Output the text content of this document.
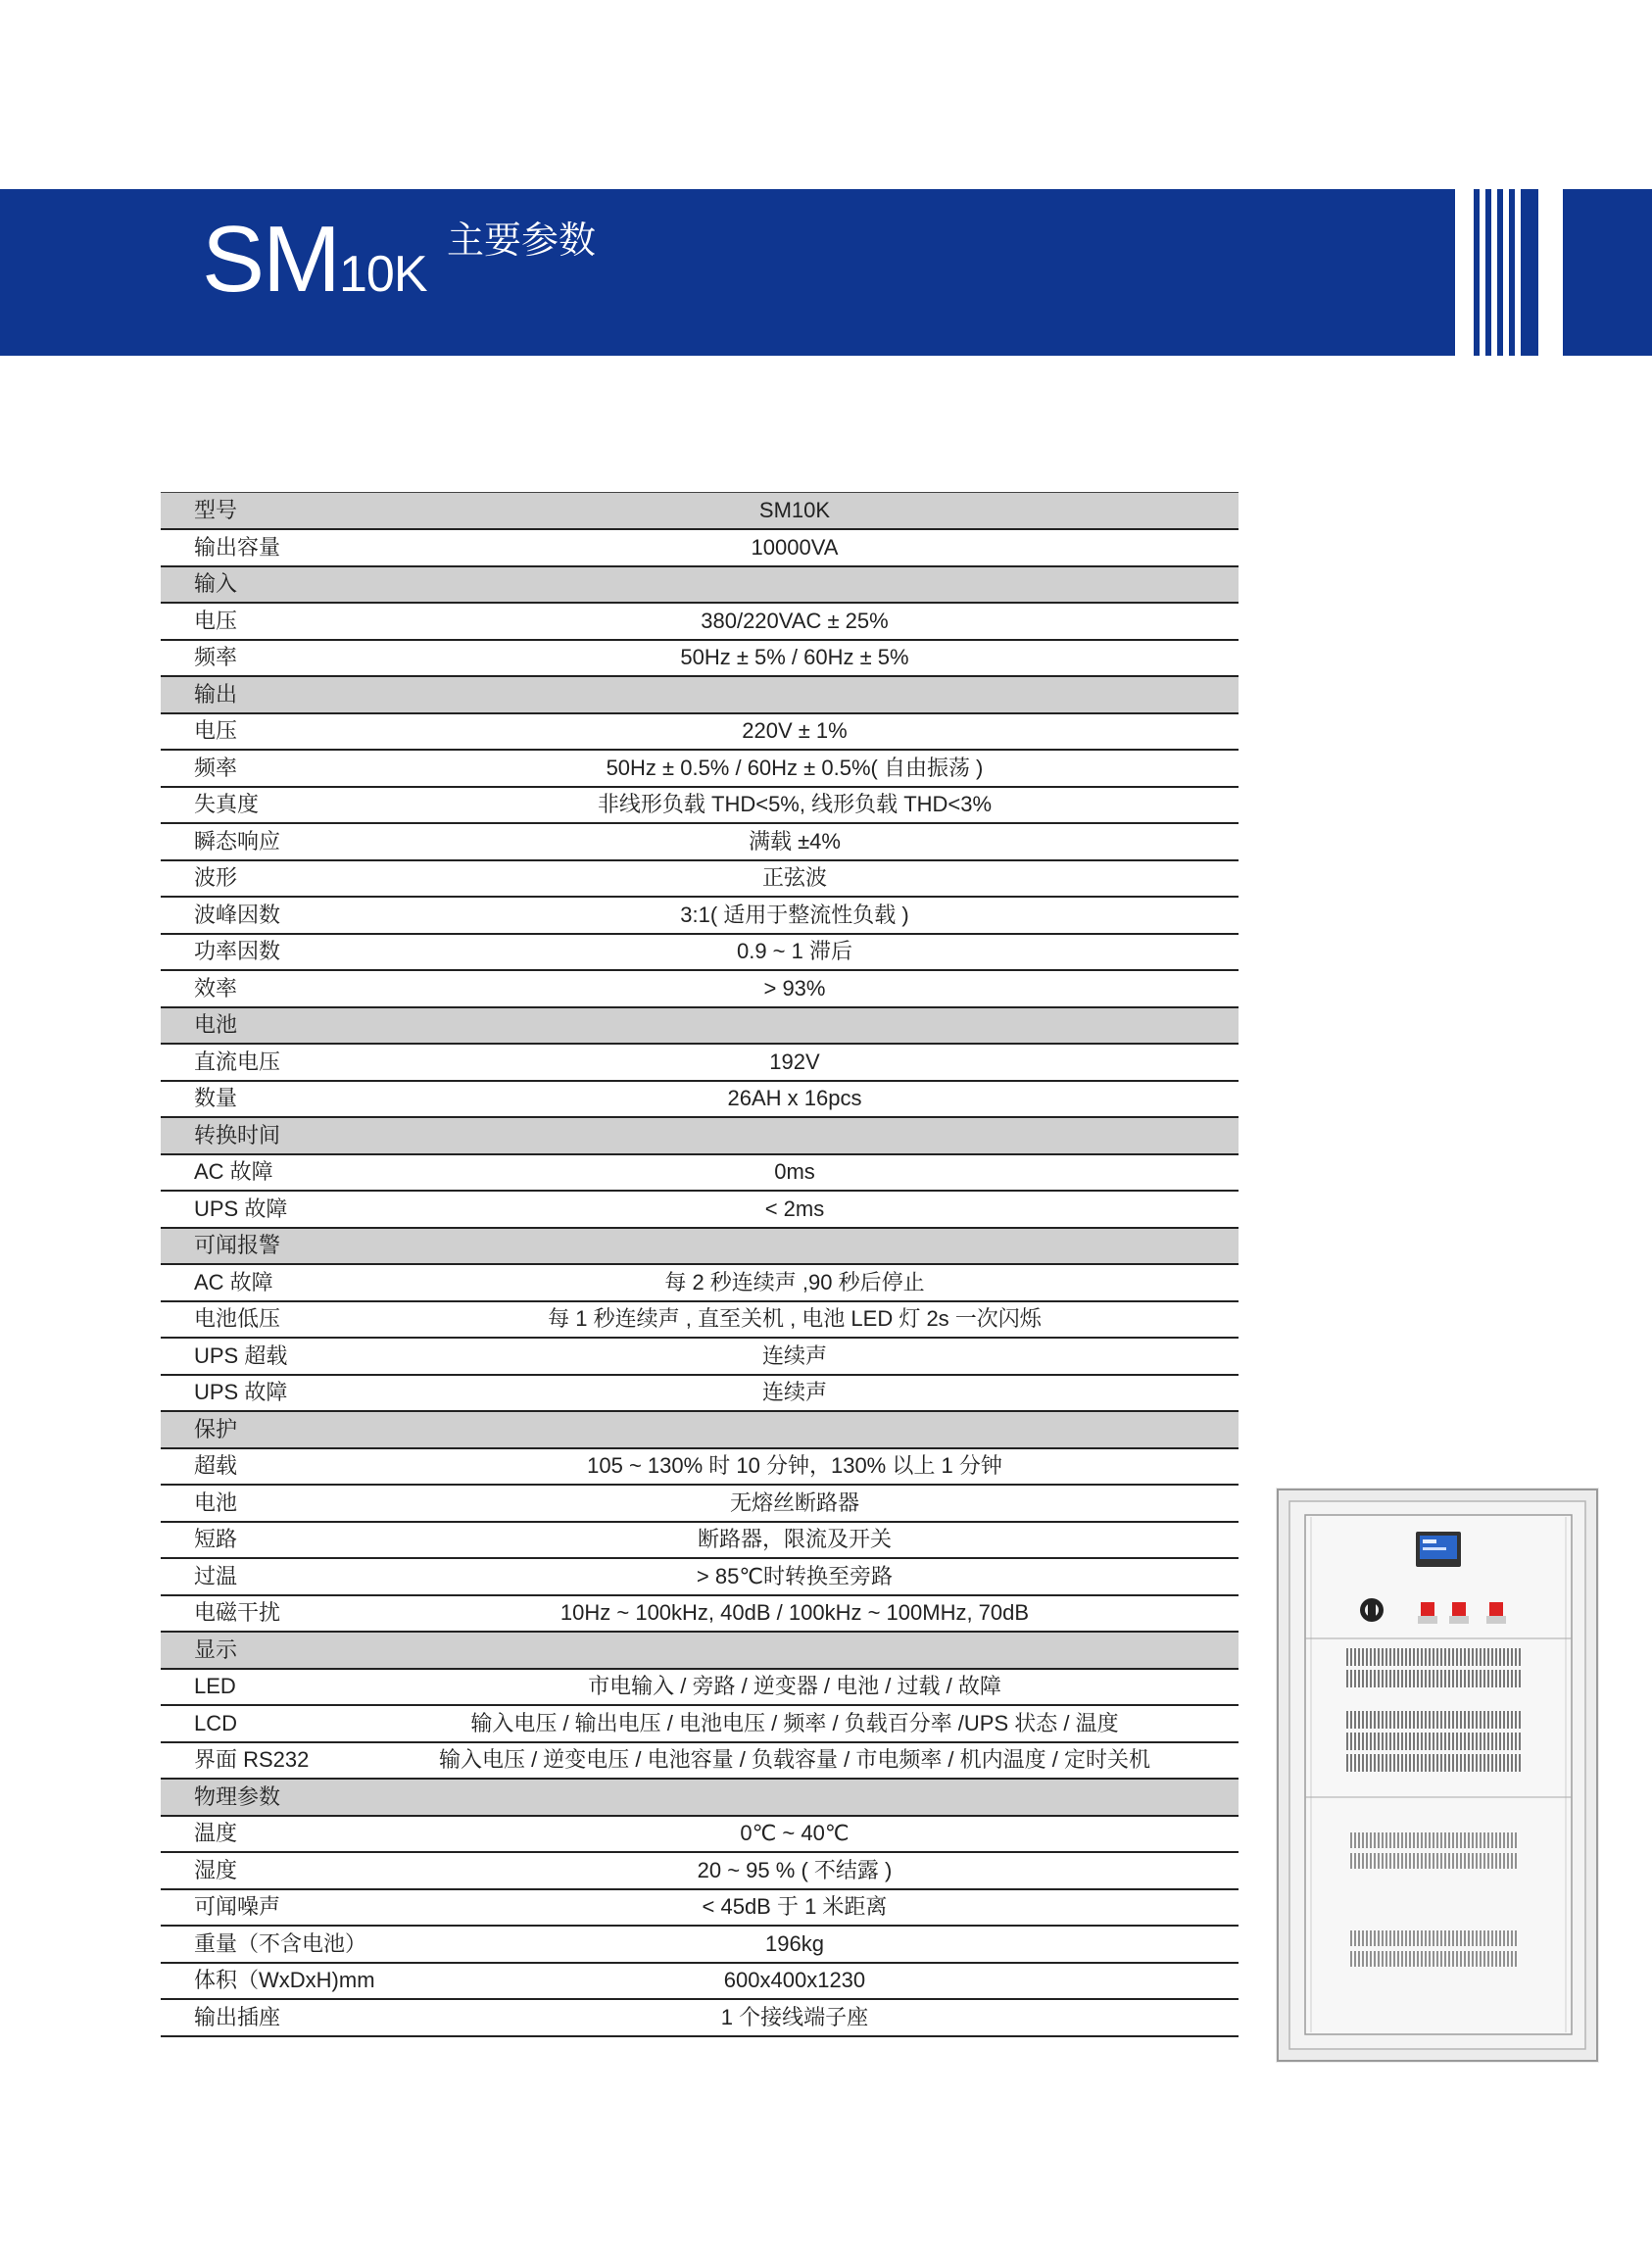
SM10K
主要参数
型号	SM10K
输出容量	10000VA
输入	
电压	380/220VAC ± 25%
频率	50Hz ± 5% / 60Hz ± 5%
输出	
电压	220V ± 1%
频率	50Hz ± 0.5% / 60Hz ± 0.5%( 自由振荡 )
失真度	非线形负载 THD<5%, 线形负载 THD<3%
瞬态响应	满载 ±4%
波形	正弦波
波峰因数	3:1( 适用于整流性负载 )
功率因数	0.9 ~ 1 滞后
效率	> 93%
电池	
直流电压	192V
数量	26AH x 16pcs
转换时间	
AC 故障	0ms
UPS 故障	< 2ms
可闻报警	
AC 故障	每 2 秒连续声 ,90 秒后停止
电池低压	每 1 秒连续声 , 直至关机 , 电池 LED 灯 2s 一次闪烁
UPS 超载	连续声
UPS 故障	连续声
保护	
超载	105 ~ 130% 时 10 分钟，130% 以上 1 分钟
电池	无熔丝断路器
短路	断路器，限流及开关
过温	> 85℃时转换至旁路
电磁干扰	10Hz ~ 100kHz, 40dB / 100kHz ~ 100MHz, 70dB
显示	
LED	市电输入 / 旁路 / 逆变器 / 电池 / 过载 / 故障
LCD	输入电压 / 输出电压 / 电池电压 / 频率 / 负载百分率 /UPS 状态 / 温度
界面 RS232	输入电压 / 逆变电压 / 电池容量 / 负载容量 / 市电频率 / 机内温度 / 定时关机
物理参数	
温度	0℃ ~ 40℃
湿度	20 ~ 95 % ( 不结露 )
可闻噪声	< 45dB 于 1 米距离
重量（不含电池）	196kg
体积（WxDxH)mm	600x400x1230
输出插座	1 个接线端子座
